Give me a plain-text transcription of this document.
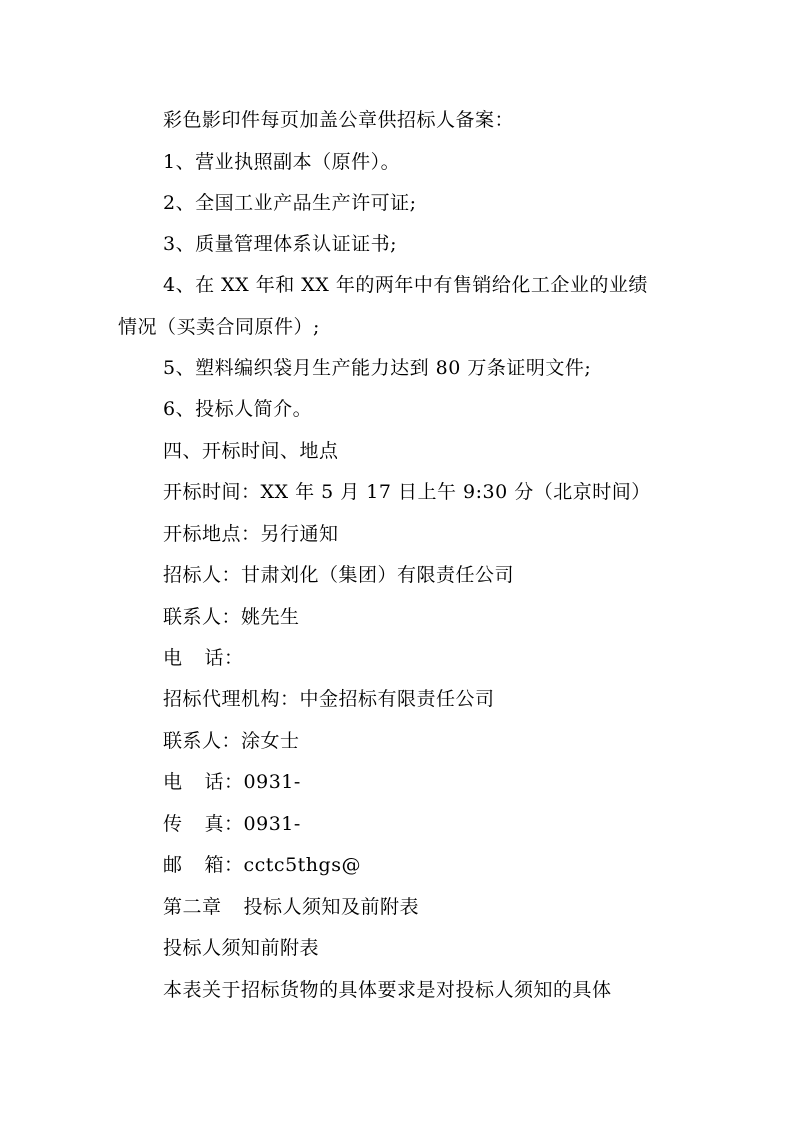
彩色影印件每页加盖公章供招标人备案：
1、营业执照副本（原件）。
2、全国工业产品生产许可证;
3、质量管理体系认证证书;
4、在 XX 年和 XX 年的两年中有售销给化工企业的业绩
情况（买卖合同原件）;
5、塑料编织袋月生产能力达到 80 万条证明文件;
6、投标人简介。
四、开标时间、地点
开标时间：XX 年 5 月 17 日上午 9:30 分（北京时间）
开标地点：另行通知
招标人：甘肃刘化（集团）有限责任公司
联系人：姚先生
电 话：
招标代理机构：中金招标有限责任公司
联系人：涂女士
电 话：0931-
传 真：0931-
邮 箱：cctc5thgs@
第二章 投标人须知及前附表
投标人须知前附表
本表关于招标货物的具体要求是对投标人须知的具体
